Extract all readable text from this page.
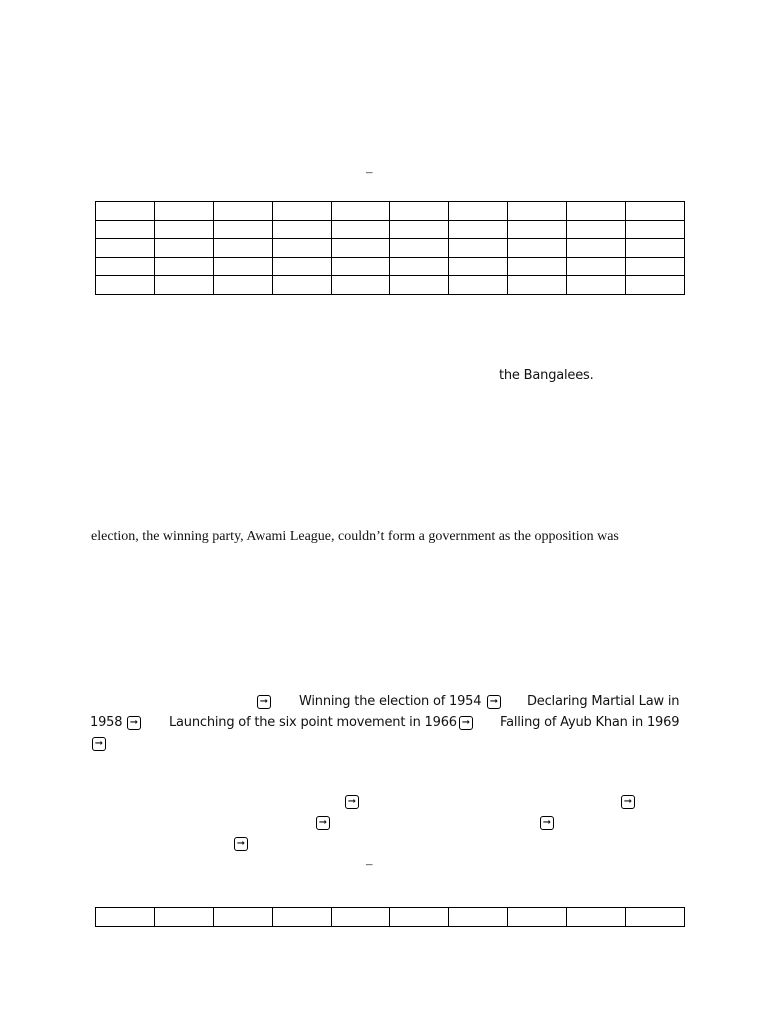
–

the Bangalees.
election, the winning party, Awami League, couldn’t form a government as the opposition was
➞ Winning the election of 1954 ➞ Declaring Martial Law in
1958 ➞ Launching of the six point movement in 1966 ➞ Falling of Ayub Khan in 1969
➞
➞	➞
➞	➞
➞
–
